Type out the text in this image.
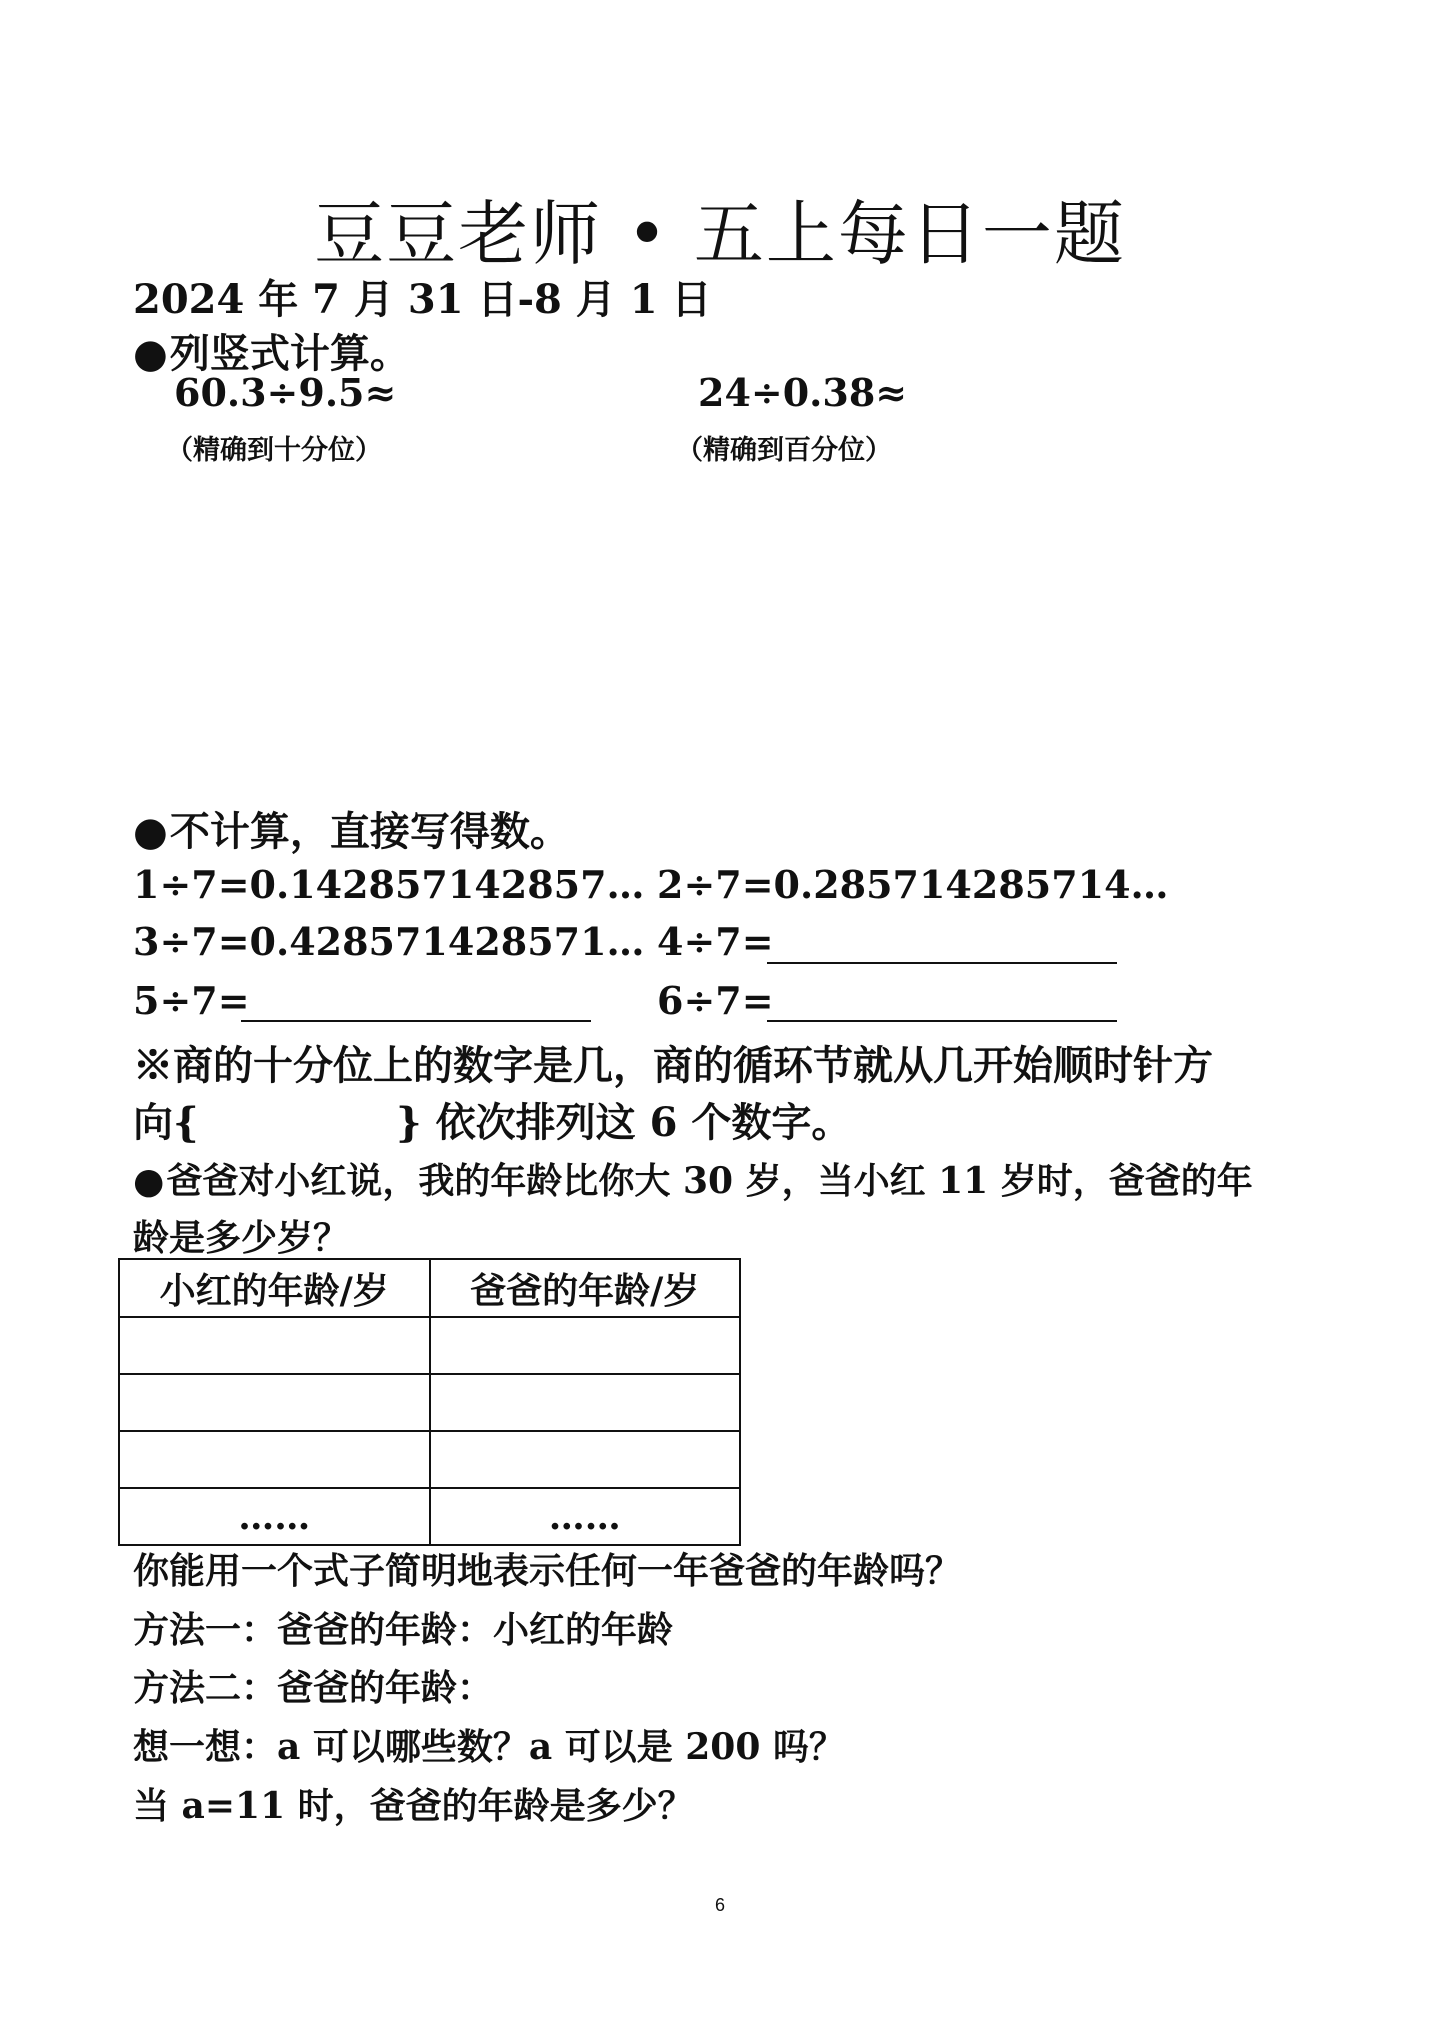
豆豆老师 • 五上每日一题
2024 年 7 月 31 日-8 月 1 日
●列竖式计算。
60.3÷9.5≈
（精确到十分位）
24÷0.38≈
（精确到百分位）
●不计算，直接写得数。
1÷7=0.142857142857… 2÷7=0.285714285714…
3÷7=0.428571428571… 4÷7=
5÷7=	6÷7=
※商的十分位上的数字是几，商的循环节就从几开始顺时针方
向{	} 依次排列这 6 个数字。
●爸爸对小红说，我的年龄比你大 30 岁，当小红 11 岁时，爸爸的年
龄是多少岁？
小红的年龄/岁	爸爸的年龄/岁

……	……
你能用一个式子简明地表示任何一年爸爸的年龄吗？
方法一：爸爸的年龄：小红的年龄
方法二：爸爸的年龄：
想一想：a 可以哪些数？a 可以是 200 吗？
当 a=11 时，爸爸的年龄是多少？
6
